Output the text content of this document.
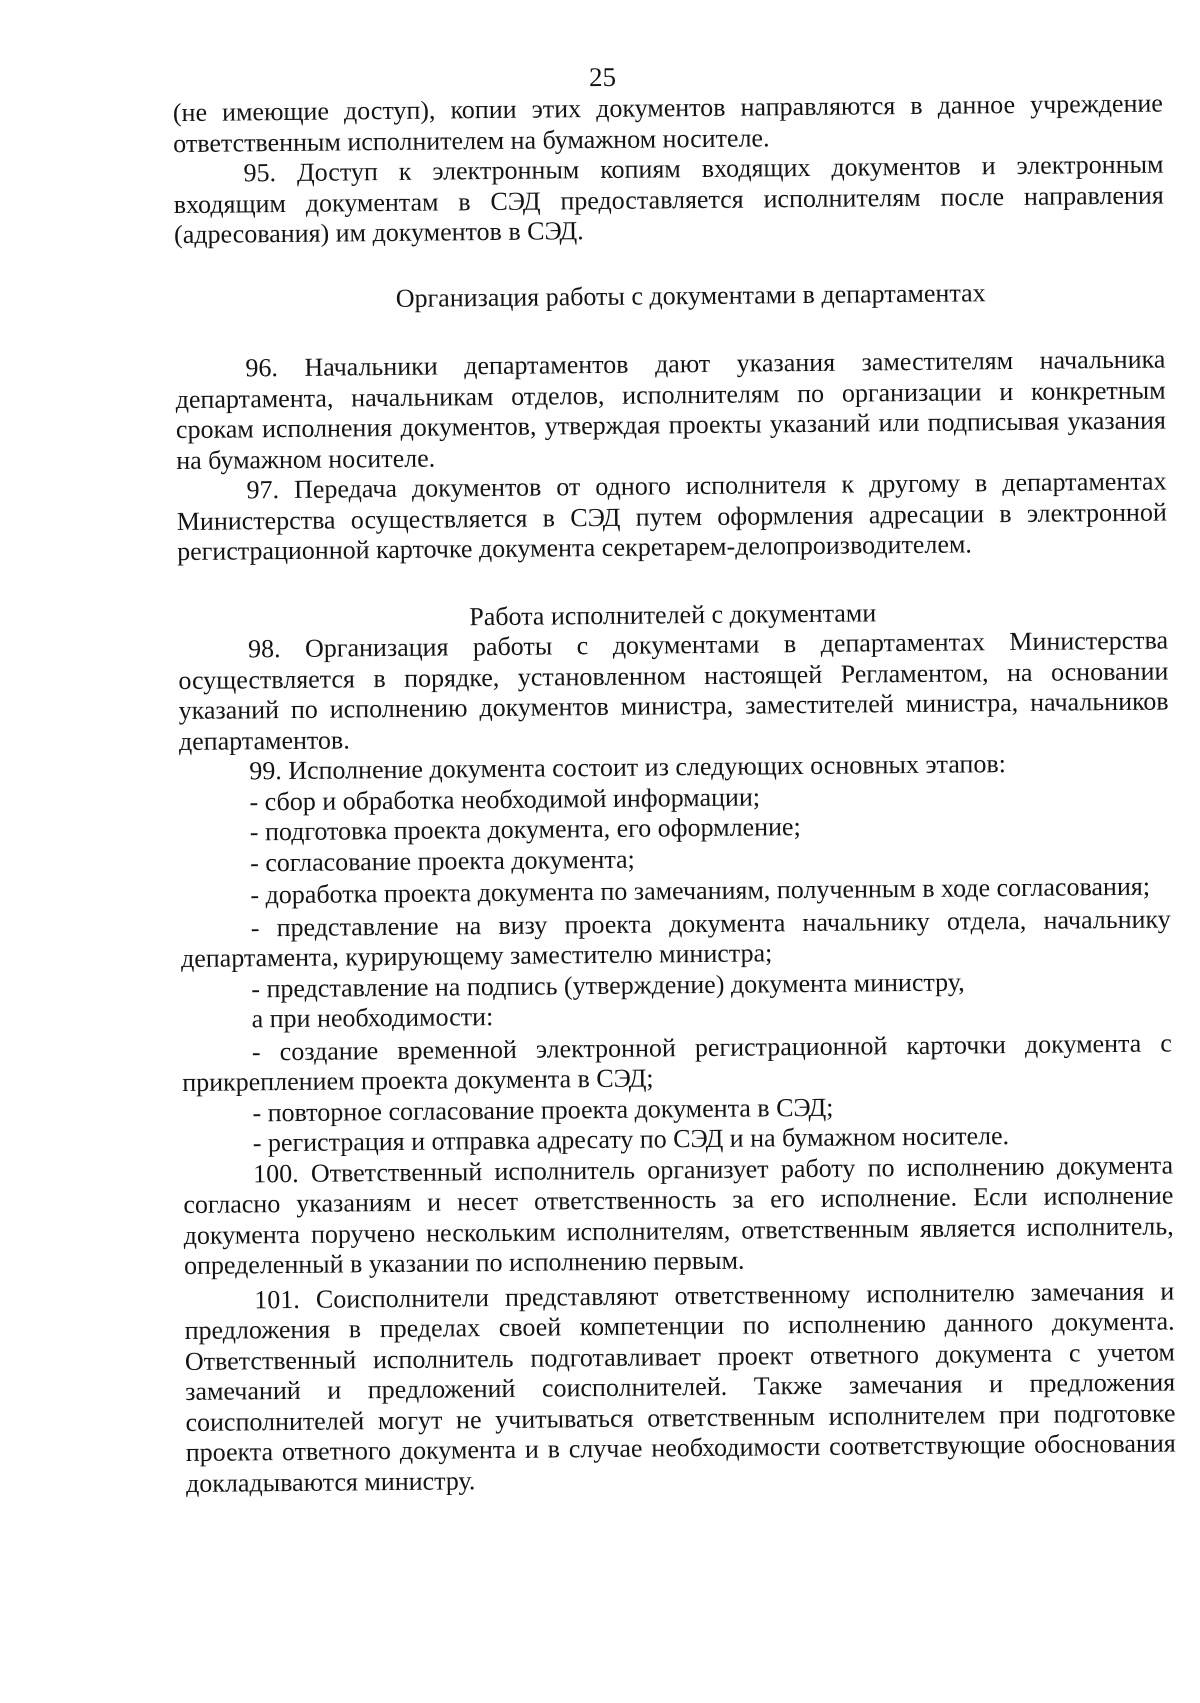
25

(не имеющие доступ), копии этих документов направляются в данное учреждение ответственным исполнителем на бумажном носителе.

95. Доступ к электронным копиям входящих документов и электронным входящим документам в СЭД предоставляется исполнителям после направления (адресования) им документов в СЭД.

Организация работы с документами в департаментах

96. Начальники департаментов дают указания заместителям начальника департамента, начальникам отделов, исполнителям по организации и конкретным срокам исполнения документов, утверждая проекты указаний или подписывая указания на бумажном носителе.

97. Передача документов от одного исполнителя к другому в департаментах Министерства осуществляется в СЭД путем оформления адресации в электронной регистрационной карточке документа секретарем-делопроизводителем.

Работа исполнителей с документами

98. Организация работы с документами в департаментах Министерства осуществляется в порядке, установленном настоящей Регламентом, на основании указаний по исполнению документов министра, заместителей министра, начальников департаментов.

99. Исполнение документа состоит из следующих основных этапов:

- сбор и обработка необходимой информации;

- подготовка проекта документа, его оформление;

- согласование проекта документа;

- доработка проекта документа по замечаниям, полученным в ходе согласования;

- представление на визу проекта документа начальнику отдела, начальнику департамента, курирующему заместителю министра;

- представление на подпись (утверждение) документа министру,

а при необходимости:

- создание временной электронной регистрационной карточки документа с прикреплением проекта документа в СЭД;

- повторное согласование проекта документа в СЭД;

- регистрация и отправка адресату по СЭД и на бумажном носителе.

100. Ответственный исполнитель организует работу по исполнению документа согласно указаниям и несет ответственность за его исполнение. Если исполнение документа поручено нескольким исполнителям, ответственным является исполнитель, определенный в указании по исполнению первым.

101. Соисполнители представляют ответственному исполнителю замечания и предложения в пределах своей компетенции по исполнению данного документа. Ответственный исполнитель подготавливает проект ответного документа с учетом замечаний и предложений соисполнителей. Также замечания и предложения соисполнителей могут не учитываться ответственным исполнителем при подготовке проекта ответного документа и в случае необходимости соответствующие обоснования докладываются министру.
